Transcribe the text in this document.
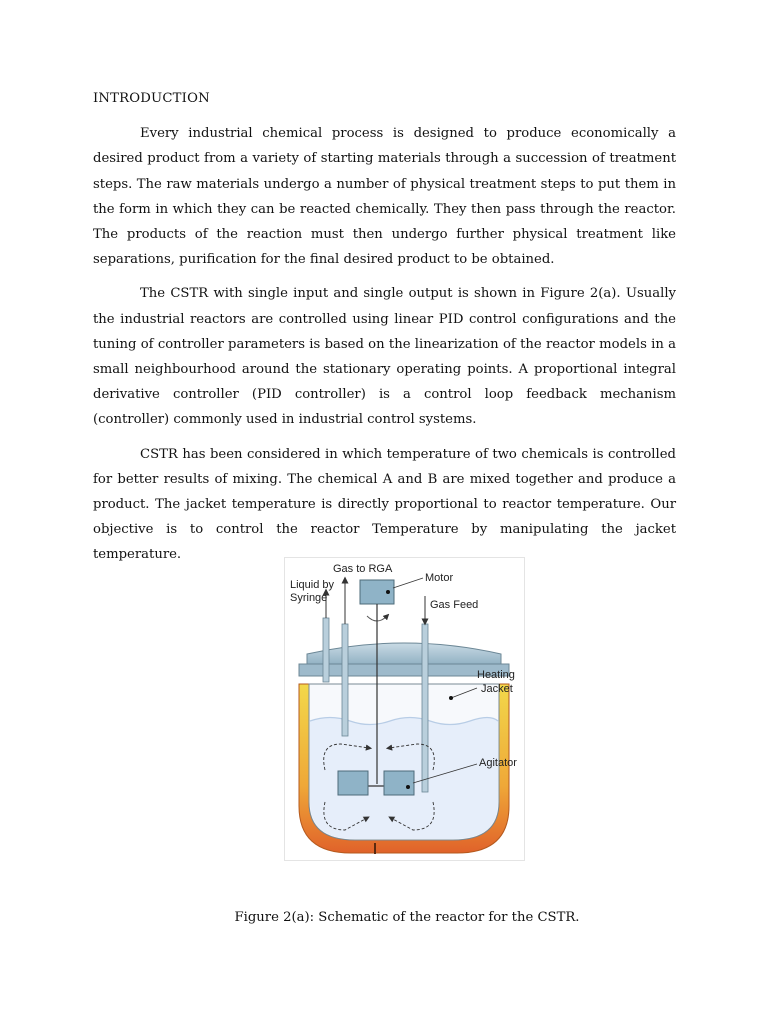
INTRODUCTION

Every industrial chemical process is designed to produce economically a desired product from a variety of starting materials through a succession of treatment steps. The raw materials undergo a number of physical treatment steps to put them in the form in which they can be reacted chemically. They then pass through the reactor. The products of the reaction must then undergo further physical treatment like separations, purification for the final desired product to be obtained.

The CSTR with single input and single output is shown in Figure 2(a). Usually the industrial reactors are controlled using linear PID control configurations and the tuning of controller parameters is based on the linearization of the reactor models in a small neighbourhood around the stationary operating points. A proportional integral derivative controller (PID controller) is a control loop feedback mechanism (controller) commonly used in industrial control systems.

CSTR has been considered in which temperature of two chemicals is controlled for better results of mixing. The chemical A and B are mixed together and produce a product. The jacket temperature is directly proportional to reactor temperature. Our objective is to control the reactor Temperature by manipulating the jacket temperature.

Gas to RGA
Motor
Liquid by
Syringe
Gas Feed
Heating
Jacket
Agitator
Figure 2(a): Schematic of the reactor for the CSTR.
